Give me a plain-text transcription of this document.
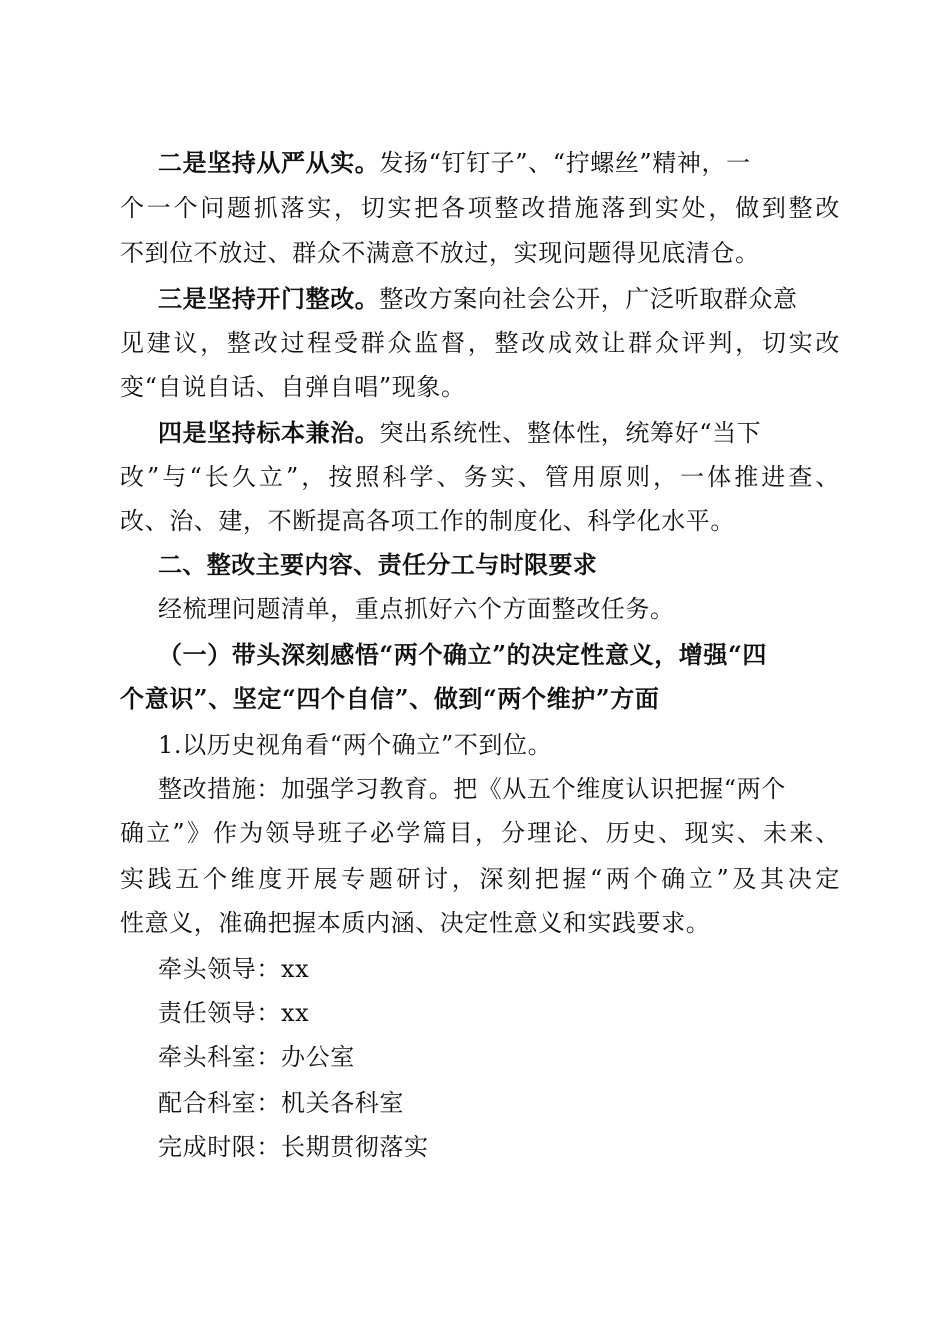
二是坚持从严从实。发扬“钉钉子”、“拧螺丝”精神，一
个一个问题抓落实，切实把各项整改措施落到实处，做到整改
不到位不放过、群众不满意不放过，实现问题得见底清仓。
三是坚持开门整改。整改方案向社会公开，广泛听取群众意
见建议，整改过程受群众监督，整改成效让群众评判，切实改
变“自说自话、自弹自唱”现象。
四是坚持标本兼治。突出系统性、整体性，统筹好“当下
改”与“长久立”，按照科学、务实、管用原则，一体推进查、
改、治、建，不断提高各项工作的制度化、科学化水平。
二、整改主要内容、责任分工与时限要求
经梳理问题清单，重点抓好六个方面整改任务。
（一）带头深刻感悟“两个确立”的决定性意义，增强“四
个意识”、坚定“四个自信”、做到“两个维护”方面
1.以历史视角看“两个确立”不到位。
整改措施：加强学习教育。把《从五个维度认识把握“两个
确立”》作为领导班子必学篇目，分理论、历史、现实、未来、
实践五个维度开展专题研讨，深刻把握“两个确立”及其决定
性意义，准确把握本质内涵、决定性意义和实践要求。
牵头领导：xx
责任领导：xx
牵头科室：办公室
配合科室：机关各科室
完成时限：长期贯彻落实
